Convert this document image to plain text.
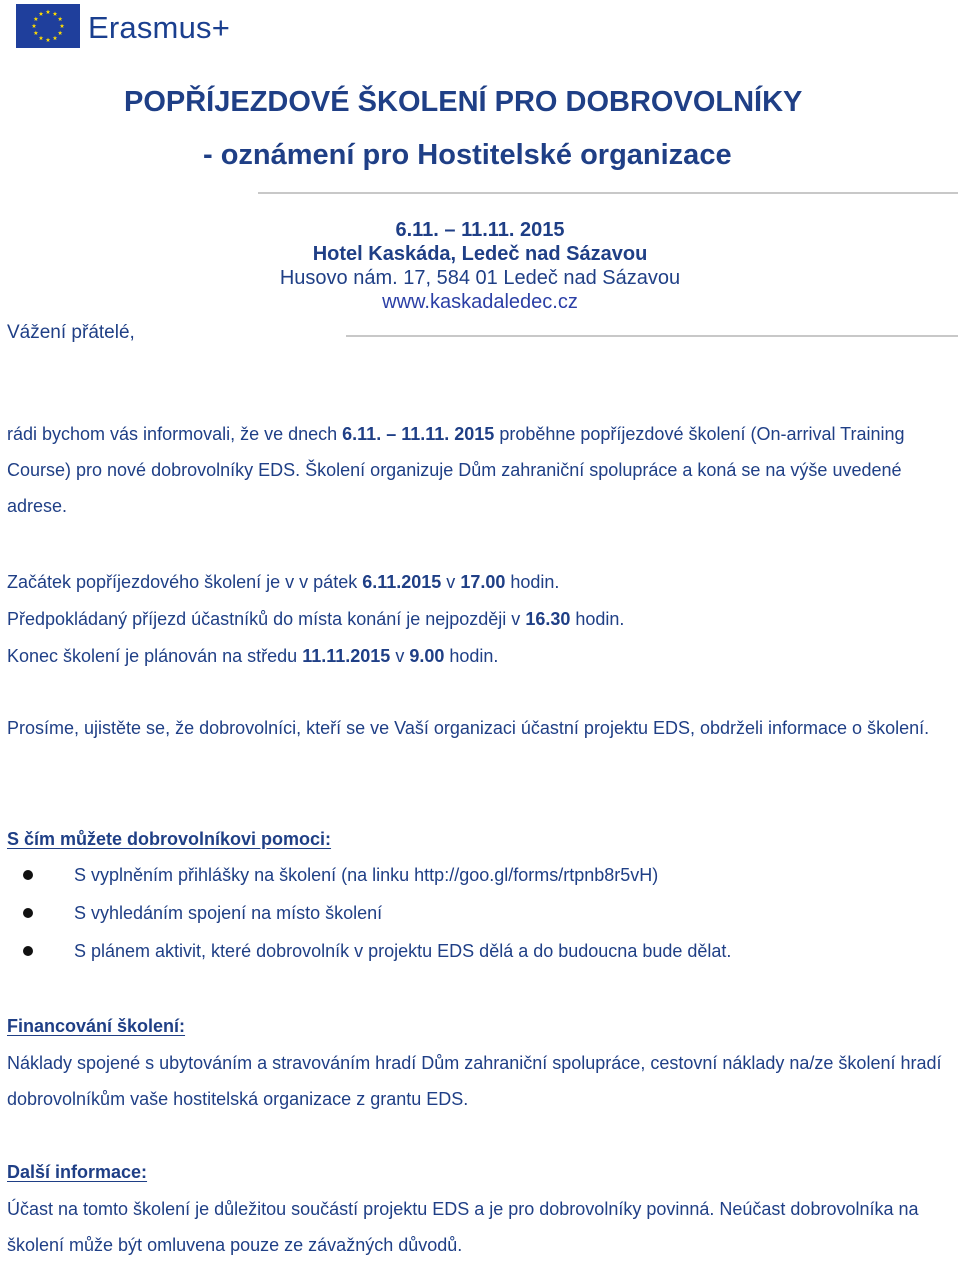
Erasmus+
POPŘÍJEZDOVÉ ŠKOLENÍ PRO DOBROVOLNÍKY
- oznámení pro Hostitelské organizace
6.11. – 11.11. 2015
Hotel Kaskáda, Ledeč nad Sázavou
Husovo nám. 17, 584 01 Ledeč nad Sázavou
www.kaskadaledec.cz
Vážení přátelé,
rádi bychom vás informovali, že ve dnech 6.11. – 11.11. 2015 proběhne popříjezdové školení (On-arrival Training Course) pro nové dobrovolníky EDS. Školení organizuje Dům zahraniční spolupráce a koná se na výše uvedené adrese.
Začátek popříjezdového školení je v v pátek 6.11.2015 v 17.00 hodin.
Předpokládaný příjezd účastníků do místa konání je nejpozději v 16.30 hodin.
Konec školení je plánován na středu 11.11.2015 v 9.00 hodin.
Prosíme, ujistěte se, že dobrovolníci, kteří se ve Vaší organizaci účastní projektu EDS, obdrželi informace o školení.
S čím můžete dobrovolníkovi pomoci:
S vyplněním přihlášky na školení (na linku http://goo.gl/forms/rtpnb8r5vH)
S vyhledáním spojení na místo školení
S plánem aktivit, které dobrovolník v projektu EDS dělá a do budoucna bude dělat.
Financování školení:
Náklady spojené s ubytováním a stravováním hradí Dům zahraniční spolupráce, cestovní náklady na/ze školení hradí dobrovolníkům vaše hostitelská organizace z grantu EDS.
Další informace:
Účast na tomto školení je důležitou součástí projektu EDS a je pro dobrovolníky povinná. Neúčast dobrovolníka na školení může být omluvena pouze ze závažných důvodů.
